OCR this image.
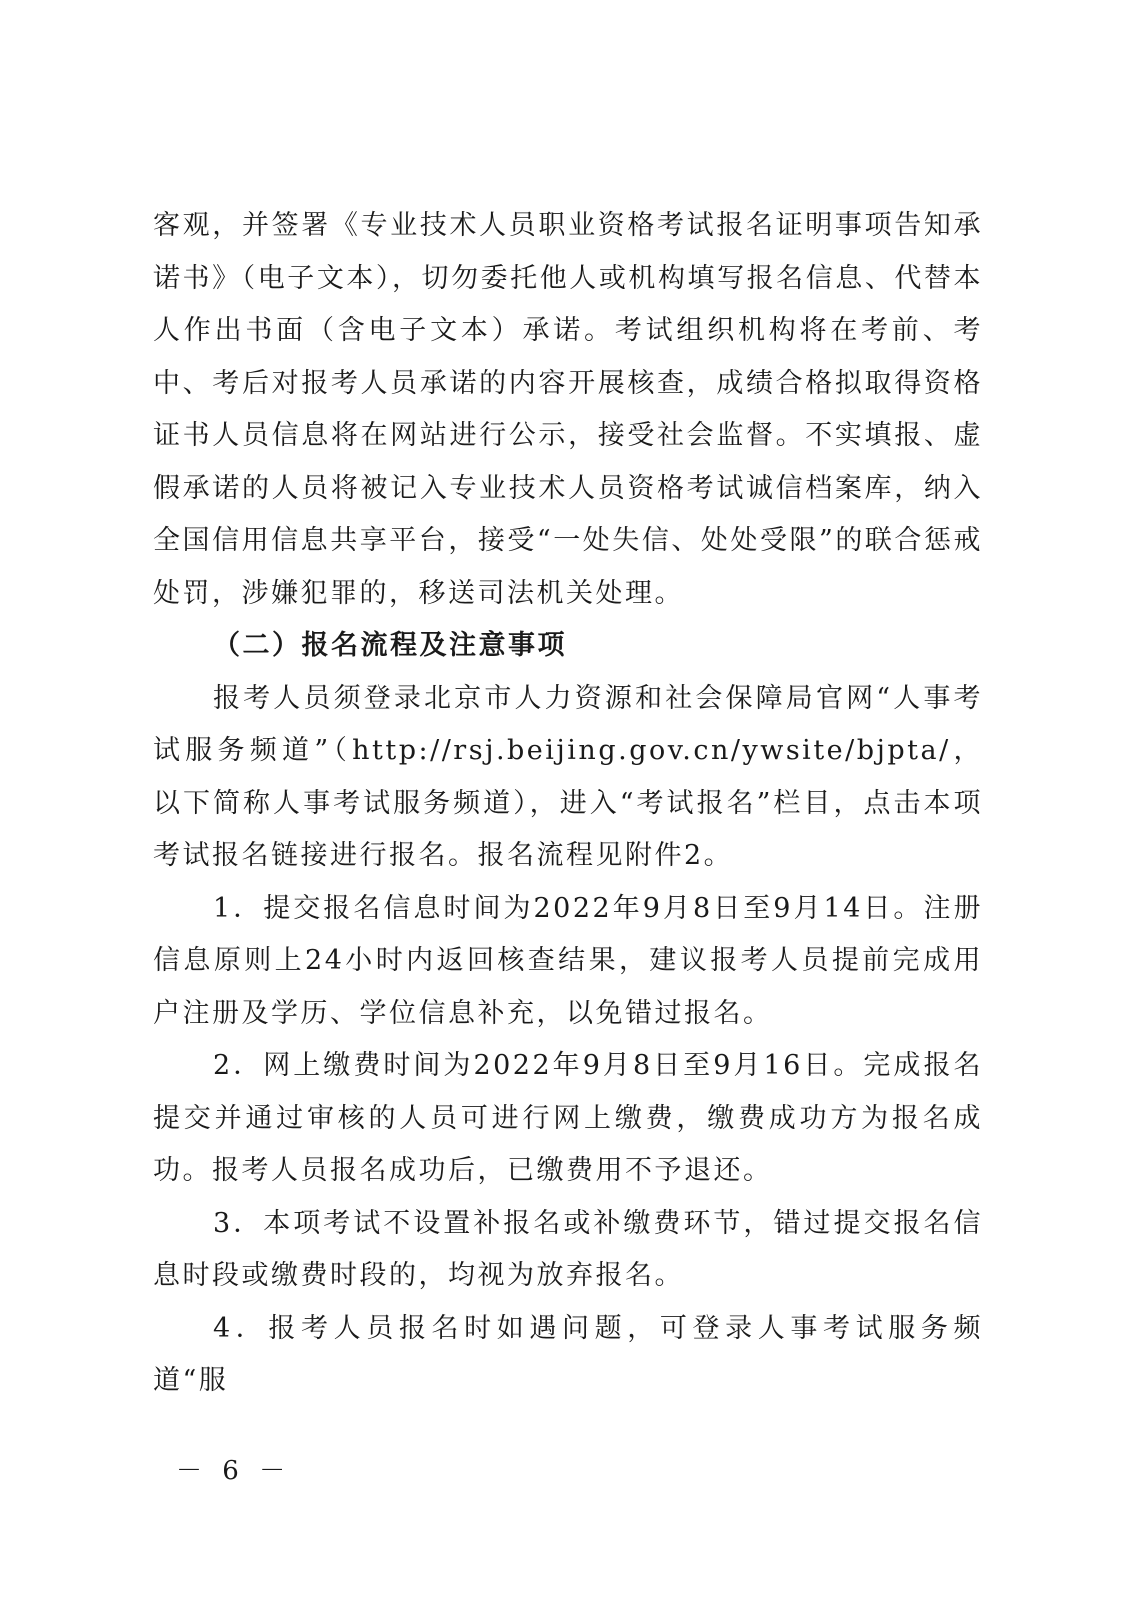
客观，并签署《专业技术人员职业资格考试报名证明事项告知承诺书》（电子文本），切勿委托他人或机构填写报名信息、代替本人作出书面（含电子文本）承诺。考试组织机构将在考前、考中、考后对报考人员承诺的内容开展核查，成绩合格拟取得资格证书人员信息将在网站进行公示，接受社会监督。不实填报、虚假承诺的人员将被记入专业技术人员资格考试诚信档案库，纳入全国信用信息共享平台，接受“一处失信、处处受限”的联合惩戒处罚，涉嫌犯罪的，移送司法机关处理。

（二）报名流程及注意事项

报考人员须登录北京市人力资源和社会保障局官网“人事考试服务频道”（http://rsj.beijing.gov.cn/ywsite/bjpta/，以下简称人事考试服务频道），进入“考试报名”栏目，点击本项考试报名链接进行报名。报名流程见附件2。

1．提交报名信息时间为2022年9月8日至9月14日。注册信息原则上24小时内返回核查结果，建议报考人员提前完成用户注册及学历、学位信息补充，以免错过报名。

2．网上缴费时间为2022年9月8日至9月16日。完成报名提交并通过审核的人员可进行网上缴费，缴费成功方为报名成功。报考人员报名成功后，已缴费用不予退还。

3．本项考试不设置补报名或补缴费环节，错过提交报名信息时段或缴费时段的，均视为放弃报名。

4．报考人员报名时如遇问题，可登录人事考试服务频道“服

－ 6 －
